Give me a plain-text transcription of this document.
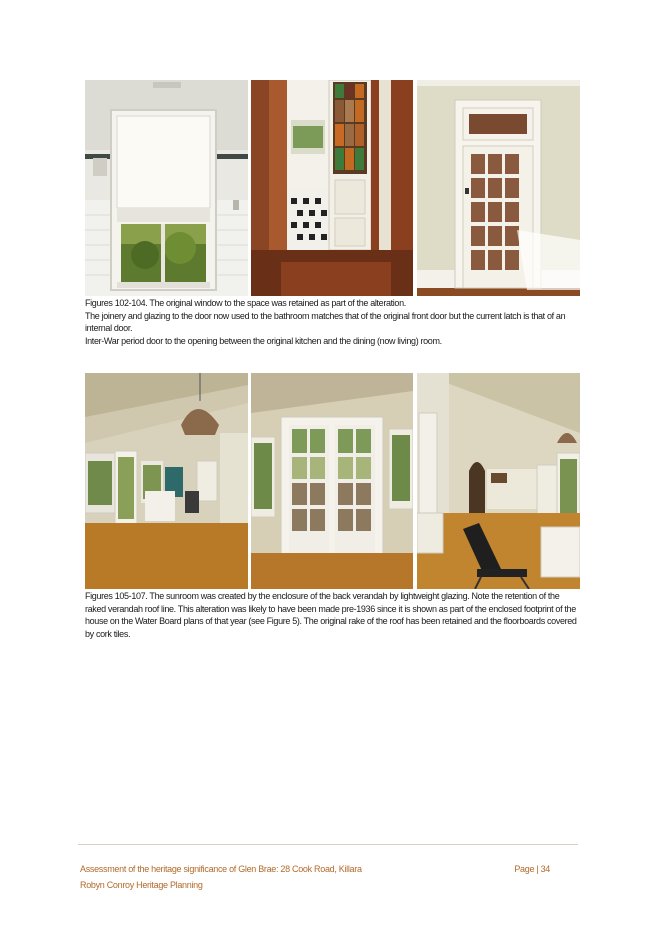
Figures 102-104. The original window to the space was retained as part of the alteration.

The joinery and glazing to the door now used to the bathroom matches that of the original front door but the current latch is that of an internal door.

Inter-War period door to the opening between the original kitchen and the dining (now living) room.

Figures 105-107. The sunroom was created by the enclosure of the back verandah by lightweight glazing. Note the retention of the raked verandah roof line. This alteration was likely to have been made pre-1936 since it is shown as part of the enclosed footprint of the house on the Water Board plans of that year (see Figure 5). The original rake of the roof has been retained and the floorboards covered by cork tiles.

Assessment of the heritage significance of Glen Brae: 28 Cook Road, Killara
Robyn Conroy Heritage Planning
Page | 34
